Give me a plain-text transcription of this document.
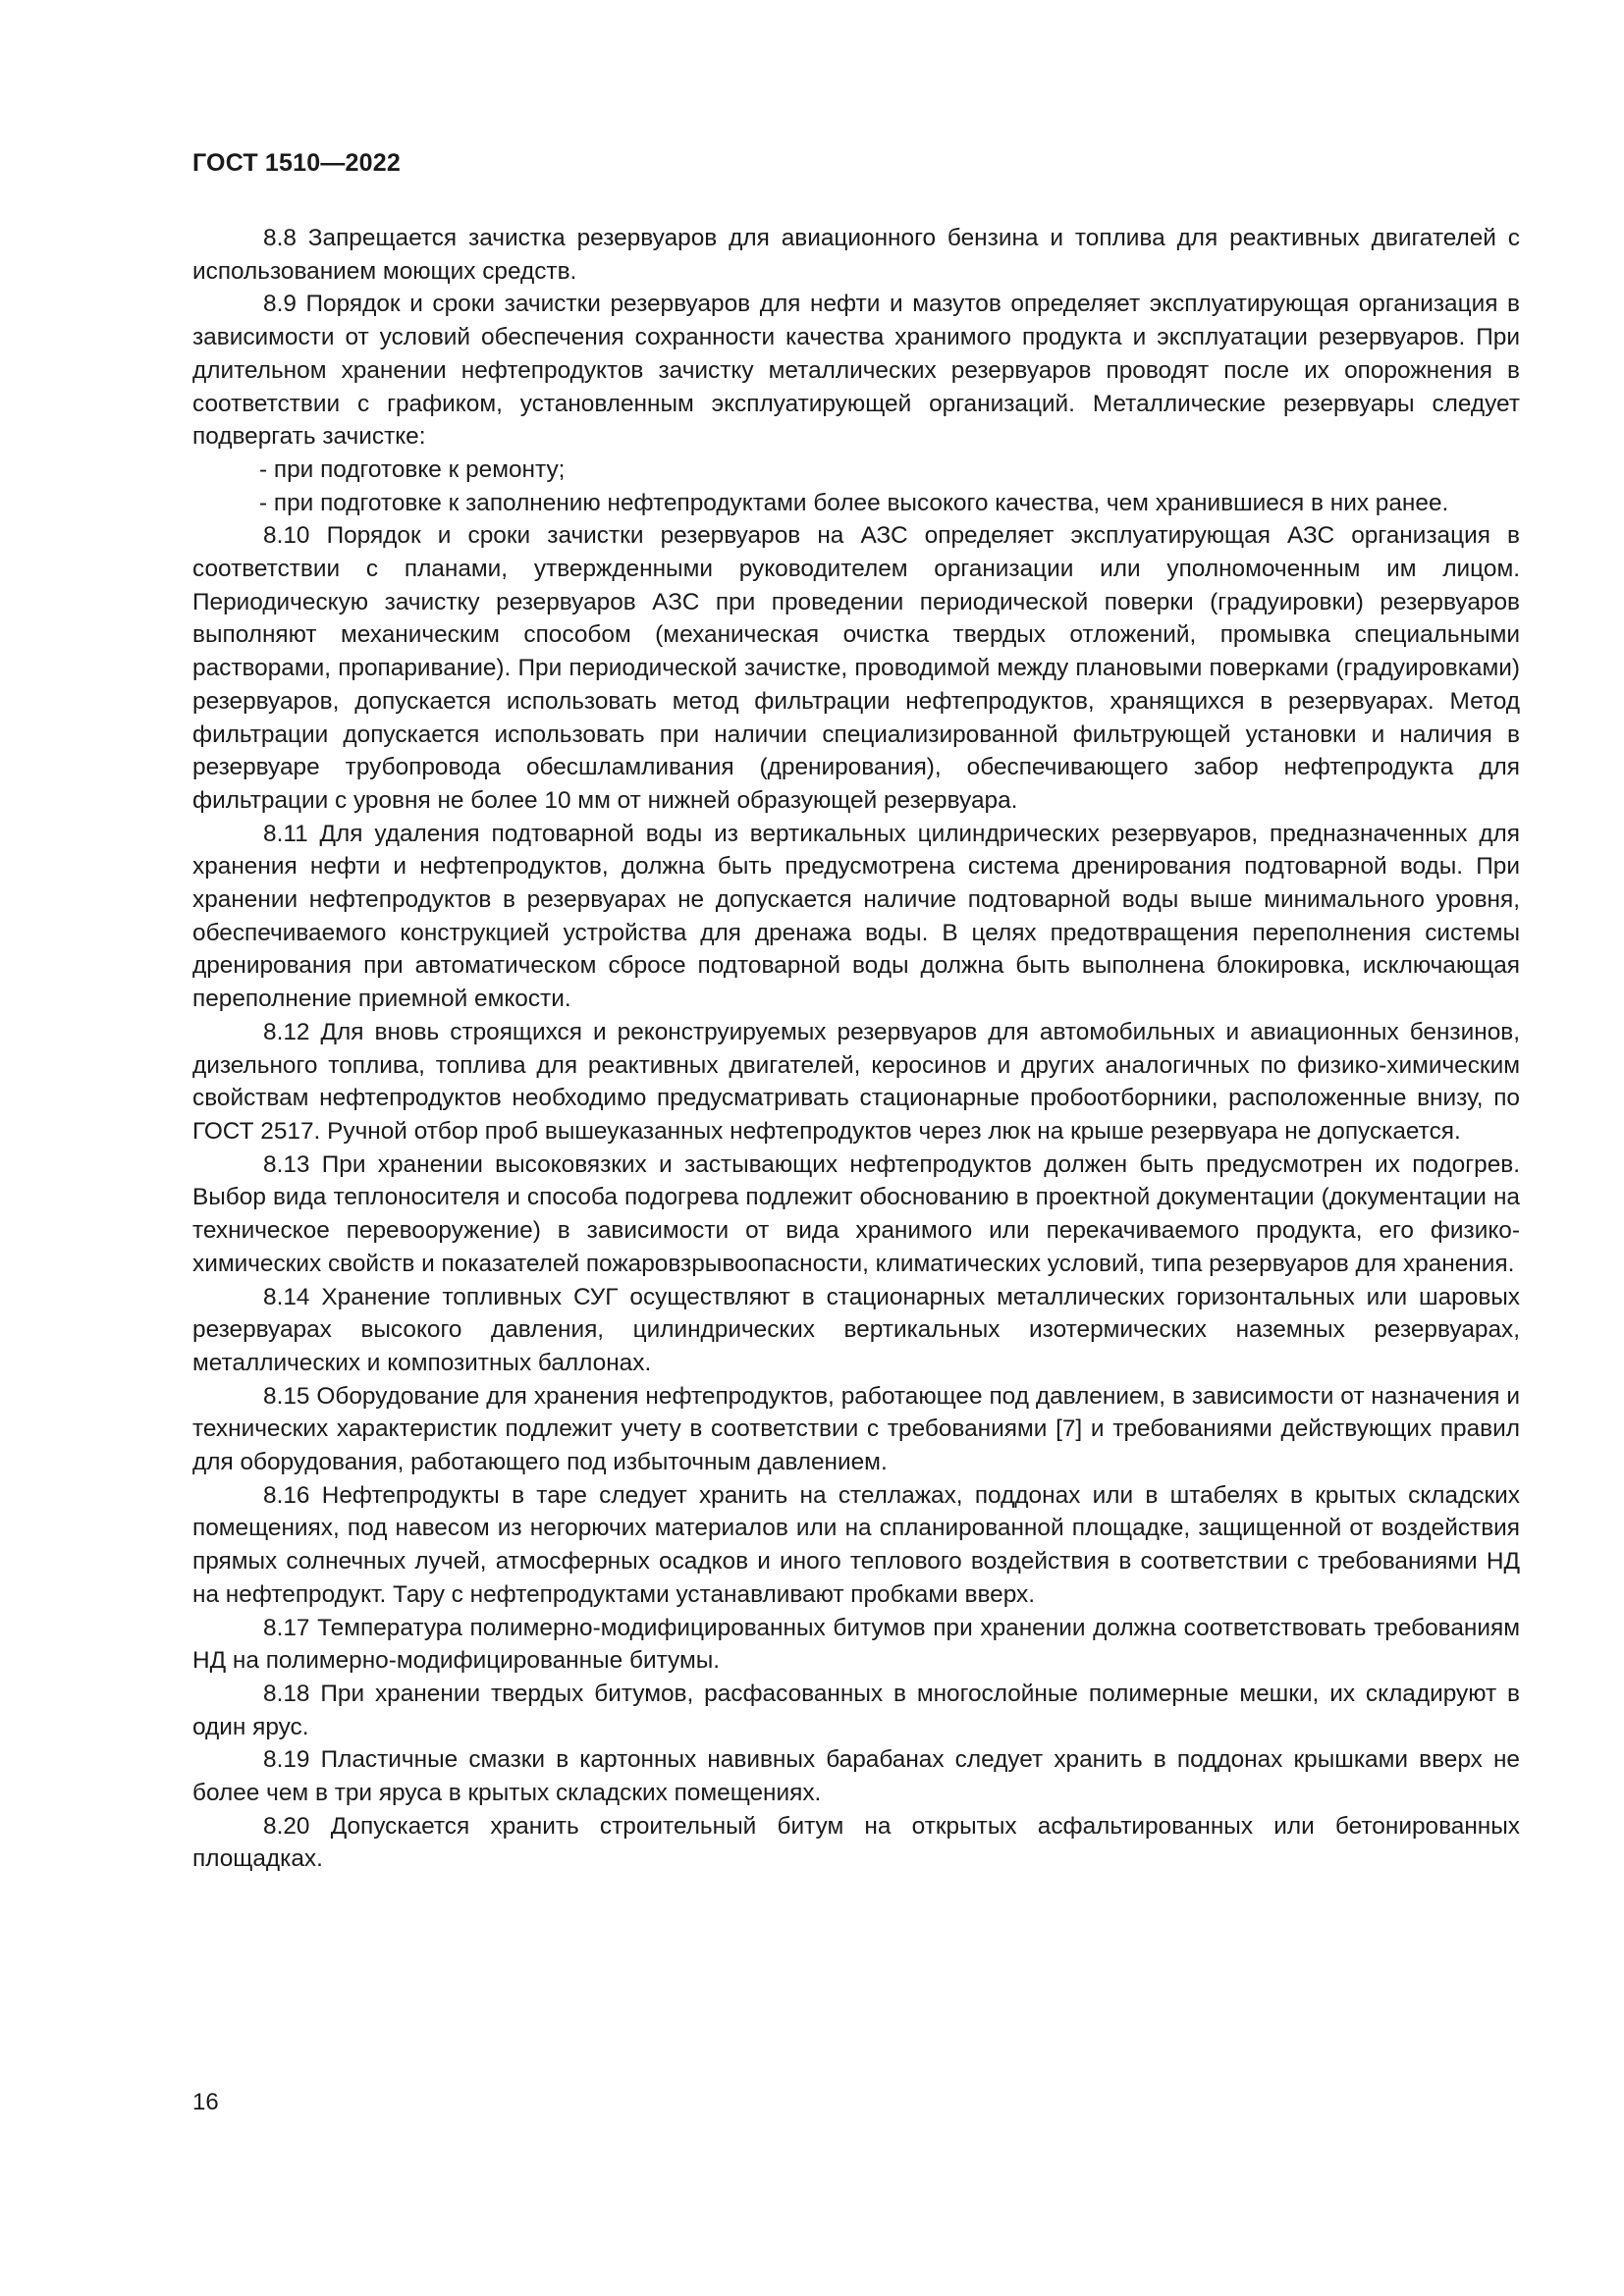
ГОСТ 1510—2022

8.8 Запрещается зачистка резервуаров для авиационного бензина и топлива для реактивных двигателей с использованием моющих средств.

8.9 Порядок и сроки зачистки резервуаров для нефти и мазутов определяет эксплуатирующая организация в зависимости от условий обеспечения сохранности качества хранимого продукта и эксплуатации резервуаров. При длительном хранении нефтепродуктов зачистку металлических резервуаров проводят после их опорожнения в соответствии с графиком, установленным эксплуатирующей организаций. Металлические резервуары следует подвергать зачистке:

- при подготовке к ремонту;

- при подготовке к заполнению нефтепродуктами более высокого качества, чем хранившиеся в них ранее.

8.10 Порядок и сроки зачистки резервуаров на АЗС определяет эксплуатирующая АЗС организация в соответствии с планами, утвержденными руководителем организации или уполномоченным им лицом. Периодическую зачистку резервуаров АЗС при проведении периодической поверки (градуировки) резервуаров выполняют механическим способом (механическая очистка твердых отложений, промывка специальными растворами, пропаривание). При периодической зачистке, проводимой между плановыми поверками (градуировками) резервуаров, допускается использовать метод фильтрации нефтепродуктов, хранящихся в резервуарах. Метод фильтрации допускается использовать при наличии специализированной фильтрующей установки и наличия в резервуаре трубопровода обесшламливания (дренирования), обеспечивающего забор нефтепродукта для фильтрации с уровня не более 10 мм от нижней образующей резервуара.

8.11 Для удаления подтоварной воды из вертикальных цилиндрических резервуаров, предназначенных для хранения нефти и нефтепродуктов, должна быть предусмотрена система дренирования подтоварной воды. При хранении нефтепродуктов в резервуарах не допускается наличие подтоварной воды выше минимального уровня, обеспечиваемого конструкцией устройства для дренажа воды. В целях предотвращения переполнения системы дренирования при автоматическом сбросе подтоварной воды должна быть выполнена блокировка, исключающая переполнение приемной емкости.

8.12 Для вновь строящихся и реконструируемых резервуаров для автомобильных и авиационных бензинов, дизельного топлива, топлива для реактивных двигателей, керосинов и других аналогичных по физико-химическим свойствам нефтепродуктов необходимо предусматривать стационарные пробоотборники, расположенные внизу, по ГОСТ 2517. Ручной отбор проб вышеуказанных нефтепродуктов через люк на крыше резервуара не допускается.

8.13 При хранении высоковязких и застывающих нефтепродуктов должен быть предусмотрен их подогрев. Выбор вида теплоносителя и способа подогрева подлежит обоснованию в проектной документации (документации на техническое перевооружение) в зависимости от вида хранимого или перекачиваемого продукта, его физико-химических свойств и показателей пожаровзрывоопасности, климатических условий, типа резервуаров для хранения.

8.14 Хранение топливных СУГ осуществляют в стационарных металлических горизонтальных или шаровых резервуарах высокого давления, цилиндрических вертикальных изотермических наземных резервуарах, металлических и композитных баллонах.

8.15 Оборудование для хранения нефтепродуктов, работающее под давлением, в зависимости от назначения и технических характеристик подлежит учету в соответствии с требованиями [7] и требованиями действующих правил для оборудования, работающего под избыточным давлением.

8.16 Нефтепродукты в таре следует хранить на стеллажах, поддонах или в штабелях в крытых складских помещениях, под навесом из негорючих материалов или на спланированной площадке, защищенной от воздействия прямых солнечных лучей, атмосферных осадков и иного теплового воздействия в соответствии с требованиями НД на нефтепродукт. Тару с нефтепродуктами устанавливают пробками вверх.

8.17 Температура полимерно-модифицированных битумов при хранении должна соответствовать требованиям НД на полимерно-модифицированные битумы.

8.18 При хранении твердых битумов, расфасованных в многослойные полимерные мешки, их складируют в один ярус.

8.19 Пластичные смазки в картонных навивных барабанах следует хранить в поддонах крышками вверх не более чем в три яруса в крытых складских помещениях.

8.20 Допускается хранить строительный битум на открытых асфальтированных или бетонированных площадках.

16
